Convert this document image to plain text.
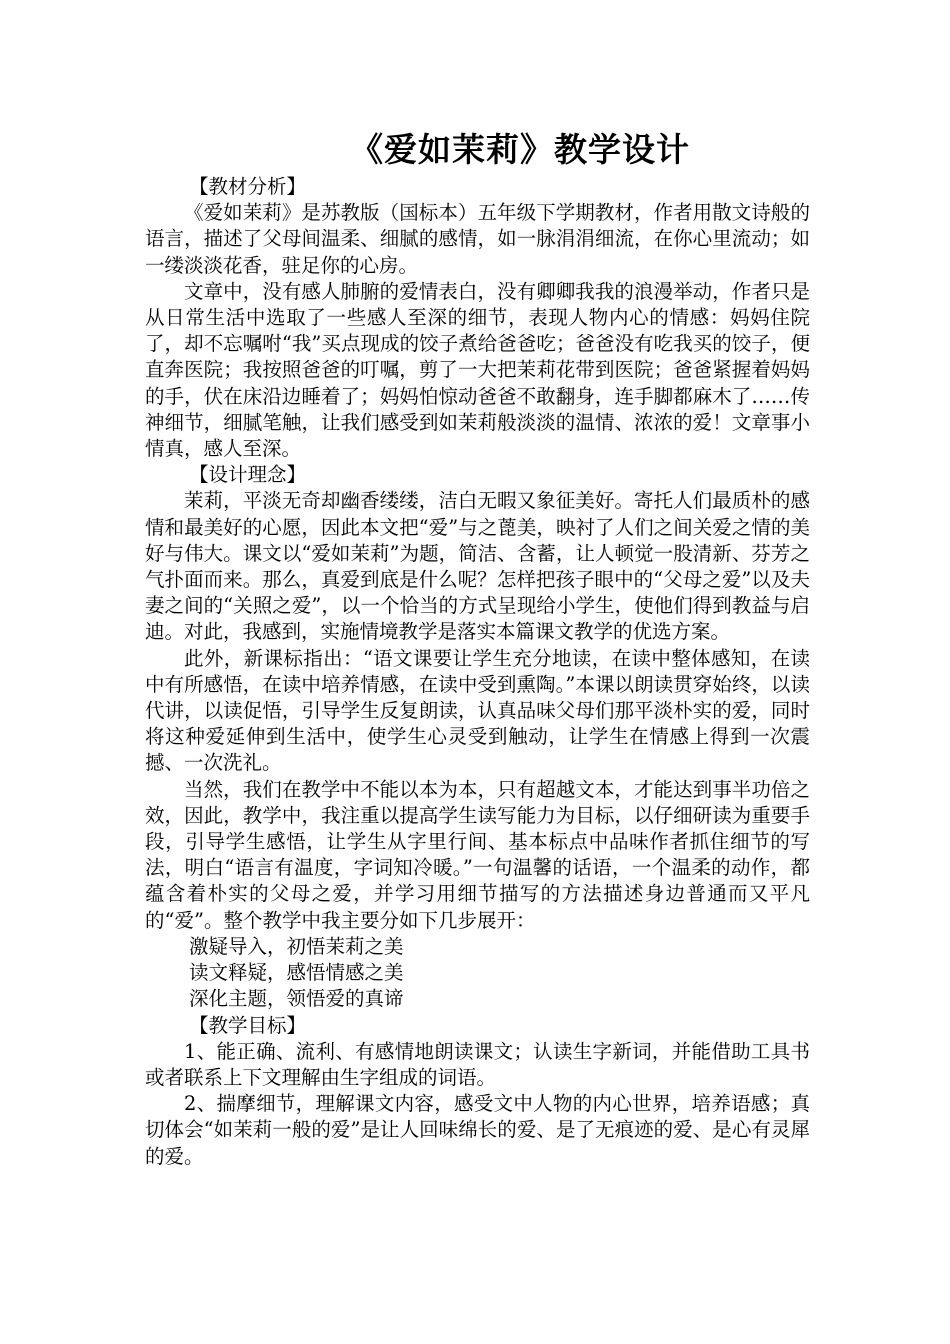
《爱如茉莉》教学设计

【教材分析】

《爱如茉莉》是苏教版（国标本）五年级下学期教材，作者用散文诗般的语言，描述了父母间温柔、细腻的感情，如一脉涓涓细流，在你心里流动；如一缕淡淡花香，驻足你的心房。

文章中，没有感人肺腑的爱情表白，没有卿卿我我的浪漫举动，作者只是从日常生活中选取了一些感人至深的细节，表现人物内心的情感：妈妈住院了，却不忘嘱咐“我”买点现成的饺子煮给爸爸吃；爸爸没有吃我买的饺子，便直奔医院；我按照爸爸的叮嘱，剪了一大把茉莉花带到医院；爸爸紧握着妈妈的手，伏在床沿边睡着了；妈妈怕惊动爸爸不敢翻身，连手脚都麻木了……传神细节，细腻笔触，让我们感受到如茉莉般淡淡的温情、浓浓的爱！文章事小情真，感人至深。

【设计理念】

茉莉，平淡无奇却幽香缕缕，洁白无暇又象征美好。寄托人们最质朴的感情和最美好的心愿，因此本文把“爱”与之蓖美，映衬了人们之间关爱之情的美好与伟大。课文以“爱如茉莉”为题，简洁、含蓄，让人顿觉一股清新、芬芳之气扑面而来。那么，真爱到底是什么呢？怎样把孩子眼中的“父母之爱”以及夫妻之间的“关照之爱”，以一个恰当的方式呈现给小学生，使他们得到教益与启迪。对此，我感到，实施情境教学是落实本篇课文教学的优选方案。

此外，新课标指出：“语文课要让学生充分地读，在读中整体感知，在读中有所感悟，在读中培养情感，在读中受到熏陶。”本课以朗读贯穿始终，以读代讲，以读促悟，引导学生反复朗读，认真品味父母们那平淡朴实的爱，同时将这种爱延伸到生活中，使学生心灵受到触动，让学生在情感上得到一次震撼、一次洗礼。

当然，我们在教学中不能以本为本，只有超越文本，才能达到事半功倍之效，因此，教学中，我注重以提高学生读写能力为目标，以仔细研读为重要手段，引导学生感悟，让学生从字里行间、基本标点中品味作者抓住细节的写法，明白“语言有温度，字词知冷暖。”一句温馨的话语，一个温柔的动作，都蕴含着朴实的父母之爱，并学习用细节描写的方法描述身边普通而又平凡的“爱”。整个教学中我主要分如下几步展开：

激疑导入，初悟茉莉之美

读文释疑，感悟情感之美

深化主题，领悟爱的真谛

【教学目标】

1、能正确、流利、有感情地朗读课文；认读生字新词，并能借助工具书或者联系上下文理解由生字组成的词语。

2、揣摩细节，理解课文内容，感受文中人物的内心世界，培养语感；真切体会“如茉莉一般的爱”是让人回味绵长的爱、是了无痕迹的爱、是心有灵犀的爱。
